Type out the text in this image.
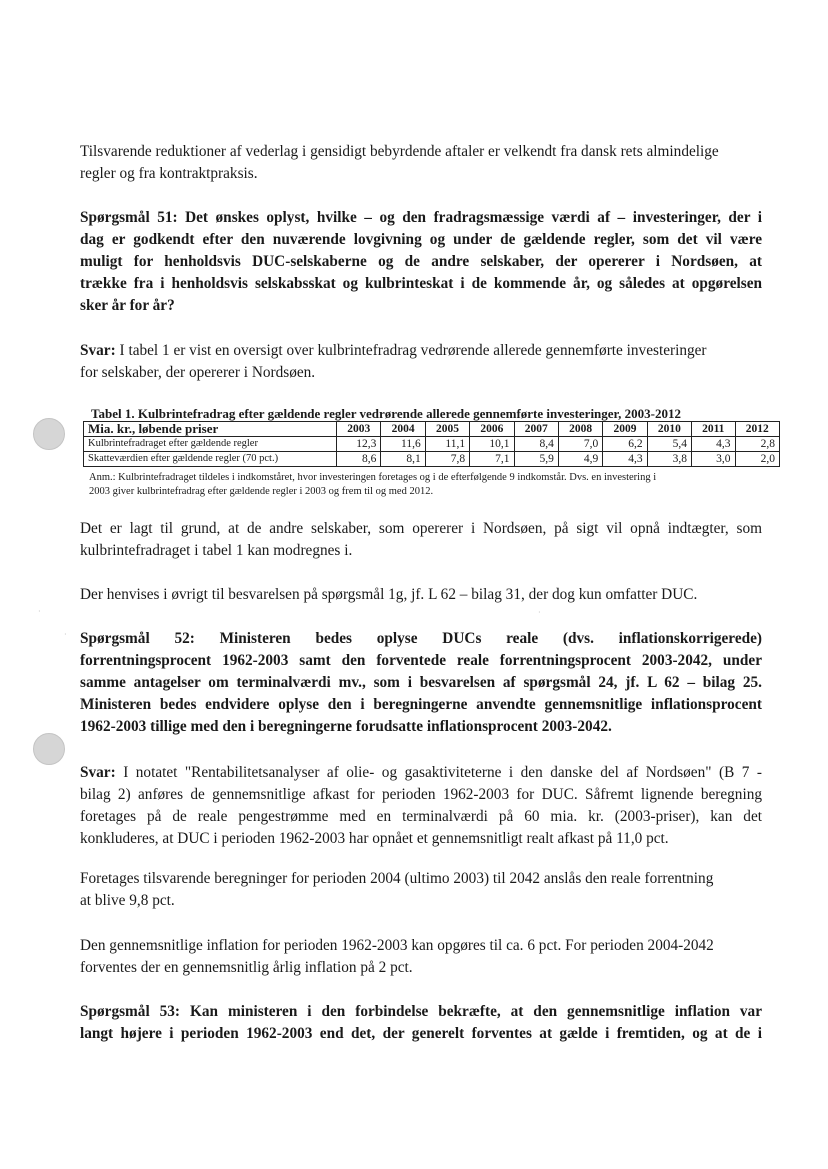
·
·
·
Tilsvarende reduktioner af vederlag i gensidigt bebyrdende aftaler er velkendt fra dansk rets almindelige
regler og fra kontraktpraksis.
Spørgsmål 51: Det ønskes oplyst, hvilke – og den fradragsmæssige værdi af – investeringer, der i
dag er godkendt efter den nuværende lovgivning og under de gældende regler, som det vil være
muligt for henholdsvis DUC-selskaberne og de andre selskaber, der opererer i Nordsøen, at
trække fra i henholdsvis selskabsskat og kulbrinteskat i de kommende år, og således at opgørelsen
sker år for år?
Svar: I tabel 1 er vist en oversigt over kulbrintefradrag vedrørende allerede gennemførte investeringer
for selskaber, der opererer i Nordsøen.
Tabel 1. Kulbrintefradrag efter gældende regler vedrørende allerede gennemførte investeringer, 2003-2012
Mia. kr., løbende priser	2003	2004	2005	2006	2007	2008	2009	2010	2011	2012
Kulbrintefradraget efter gældende regler	12,3	11,6	11,1	10,1	8,4	7,0	6,2	5,4	4,3	2,8
Skatteværdien efter gældende regler (70 pct.)	8,6	8,1	7,8	7,1	5,9	4,9	4,3	3,8	3,0	2,0
Anm.: Kulbrintefradraget tildeles i indkomståret, hvor investeringen foretages og i de efterfølgende 9 indkomstår. Dvs. en investering i
2003 giver kulbrintefradrag efter gældende regler i 2003 og frem til og med 2012.
Det er lagt til grund, at de andre selskaber, som opererer i Nordsøen, på sigt vil opnå indtægter, som
kulbrintefradraget i tabel 1 kan modregnes i.
Der henvises i øvrigt til besvarelsen på spørgsmål 1g, jf. L 62 – bilag 31, der dog kun omfatter DUC.
Spørgsmål 52: Ministeren bedes oplyse DUCs reale (dvs. inflationskorrigerede)
forrentningsprocent 1962-2003 samt den forventede reale forrentningsprocent 2003-2042, under
samme antagelser om terminalværdi mv., som i besvarelsen af spørgsmål 24, jf. L 62 – bilag 25.
Ministeren bedes endvidere oplyse den i beregningerne anvendte gennemsnitlige inflationsprocent
1962-2003 tillige med den i beregningerne forudsatte inflationsprocent 2003-2042.
Svar: I notatet "Rentabilitetsanalyser af olie- og gasaktiviteterne i den danske del af Nordsøen" (B 7 -
bilag 2) anføres de gennemsnitlige afkast for perioden 1962-2003 for DUC. Såfremt lignende beregning
foretages på de reale pengestrømme med en terminalværdi på 60 mia. kr. (2003-priser), kan det
konkluderes, at DUC i perioden 1962-2003 har opnået et gennemsnitligt realt afkast på 11,0 pct.
Foretages tilsvarende beregninger for perioden 2004 (ultimo 2003) til 2042 anslås den reale forrentning
at blive 9,8 pct.
Den gennemsnitlige inflation for perioden 1962-2003 kan opgøres til ca. 6 pct. For perioden 2004-2042
forventes der en gennemsnitlig årlig inflation på 2 pct.
Spørgsmål 53: Kan ministeren i den forbindelse bekræfte, at den gennemsnitlige inflation var
langt højere i perioden 1962-2003 end det, der generelt forventes at gælde i fremtiden, og at de i
